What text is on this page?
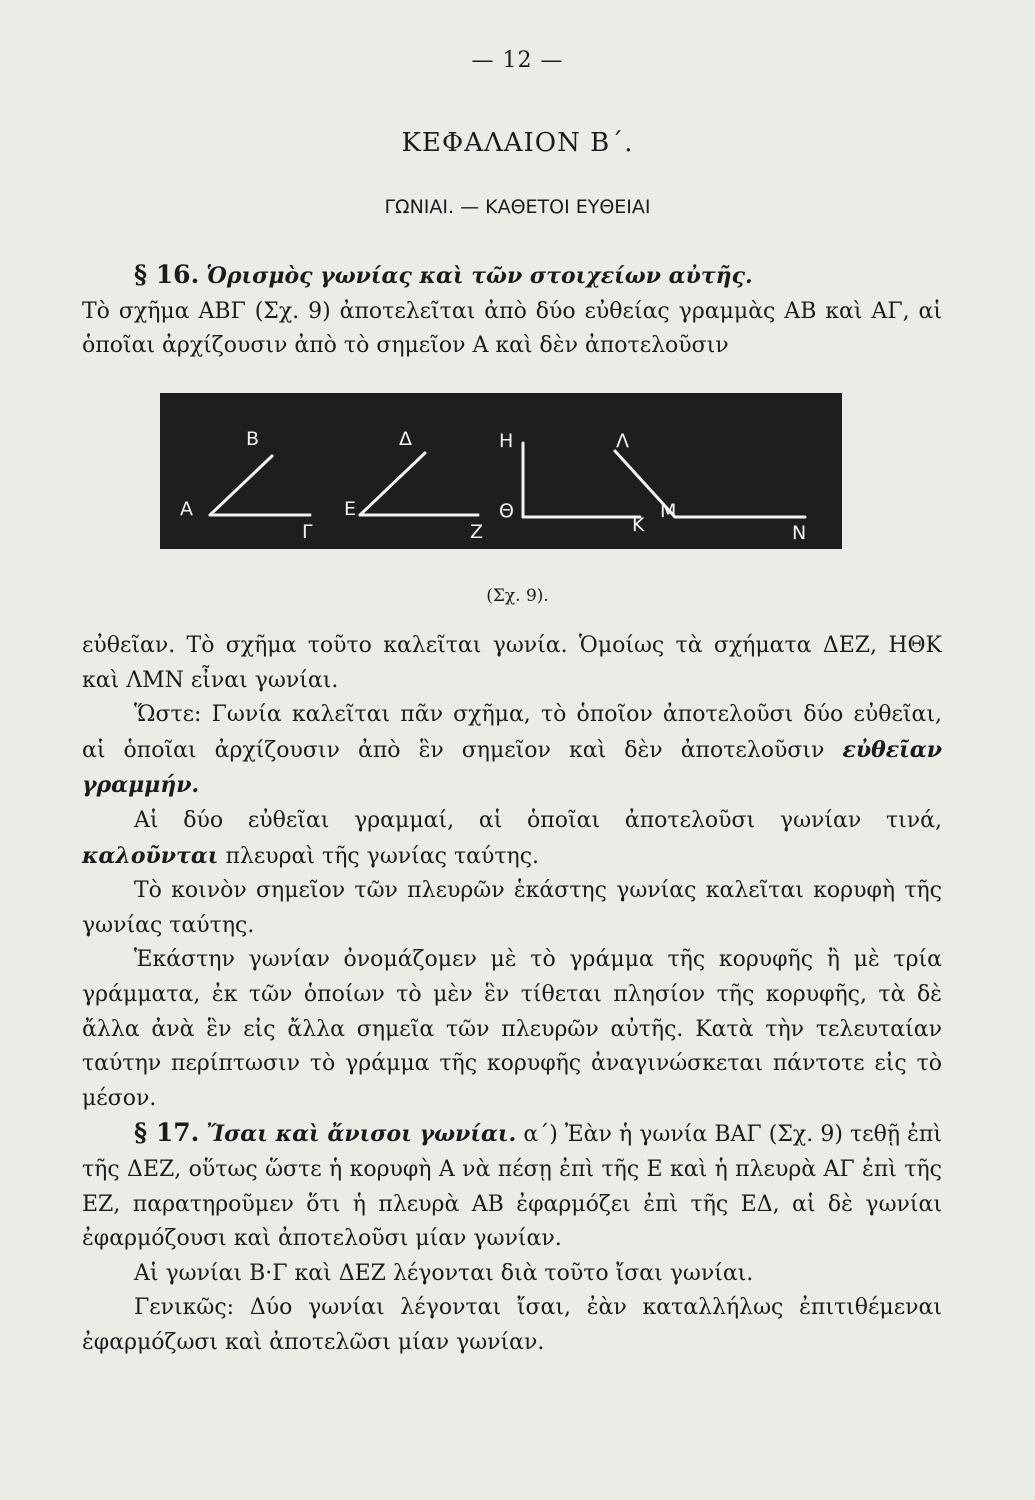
— 12 —
ΚΕΦΑΛΑΙΟΝ Β΄.
ΓΩΝΙΑΙ. — ΚΑΘΕΤΟΙ ΕΥΘΕΙΑΙ

§ 16. Ὁρισμὸς γωνίας καὶ τῶν στοιχείων αὐτῆς.

Τὸ σχῆμα ΑΒΓ (Σχ. 9) ἀποτελεῖται ἀπὸ δύο εὐθείας γραμμὰς ΑΒ καὶ ΑΓ, αἱ ὁποῖαι ἀρχίζουσιν ἀπὸ τὸ σημεῖον Α καὶ δὲν ἀποτελοῦσιν

Β
Α
Γ
Δ
Ε
Ζ
Η
Θ
Κ
Λ
Μ
Ν
(Σχ. 9).

εὐθεῖαν. Τὸ σχῆμα τοῦτο καλεῖται γωνία. Ὁμοίως τὰ σχήματα ΔΕΖ, ΗΘΚ καὶ ΛΜΝ εἶναι γωνίαι.

Ὥστε: Γωνία καλεῖται πᾶν σχῆμα, τὸ ὁποῖον ἀποτελοῦσι δύο εὐθεῖαι, αἱ ὁποῖαι ἀρχίζουσιν ἀπὸ ἓν σημεῖον καὶ δὲν ἀποτελοῦσιν εὐθεῖαν γραμμήν.

Αἱ δύο εὐθεῖαι γραμμαί, αἱ ὁποῖαι ἀποτελοῦσι γωνίαν τινά, καλοῦνται πλευραὶ τῆς γωνίας ταύτης.

Τὸ κοινὸν σημεῖον τῶν πλευρῶν ἑκάστης γωνίας καλεῖται κορυφὴ τῆς γωνίας ταύτης.

Ἑκάστην γωνίαν ὀνομάζομεν μὲ τὸ γράμμα τῆς κορυφῆς ἢ μὲ τρία γράμματα, ἐκ τῶν ὁποίων τὸ μὲν ἓν τίθεται πλησίον τῆς κορυφῆς, τὰ δὲ ἄλλα ἀνὰ ἓν εἰς ἄλλα σημεῖα τῶν πλευρῶν αὐτῆς. Κατὰ τὴν τελευταίαν ταύτην περίπτωσιν τὸ γράμμα τῆς κορυφῆς ἀναγινώσκεται πάντοτε εἰς τὸ μέσον.

§ 17. Ἴσαι καὶ ἄνισοι γωνίαι. α΄) Ἐὰν ἡ γωνία ΒΑΓ (Σχ. 9) τεθῇ ἐπὶ τῆς ΔΕΖ, οὕτως ὥστε ἡ κορυφὴ Α νὰ πέσῃ ἐπὶ τῆς Ε καὶ ἡ πλευρὰ ΑΓ ἐπὶ τῆς ΕΖ, παρατηροῦμεν ὅτι ἡ πλευρὰ ΑΒ ἐφαρμόζει ἐπὶ τῆς ΕΔ, αἱ δὲ γωνίαι ἐφαρμόζουσι καὶ ἀποτελοῦσι μίαν γωνίαν.

Αἱ γωνίαι Β·Γ καὶ ΔΕΖ λέγονται διὰ τοῦτο ἴσαι γωνίαι.

Γενικῶς: Δύο γωνίαι λέγονται ἴσαι, ἐὰν καταλλήλως ἐπιτιθέμεναι ἐφαρμόζωσι καὶ ἀποτελῶσι μίαν γωνίαν.
